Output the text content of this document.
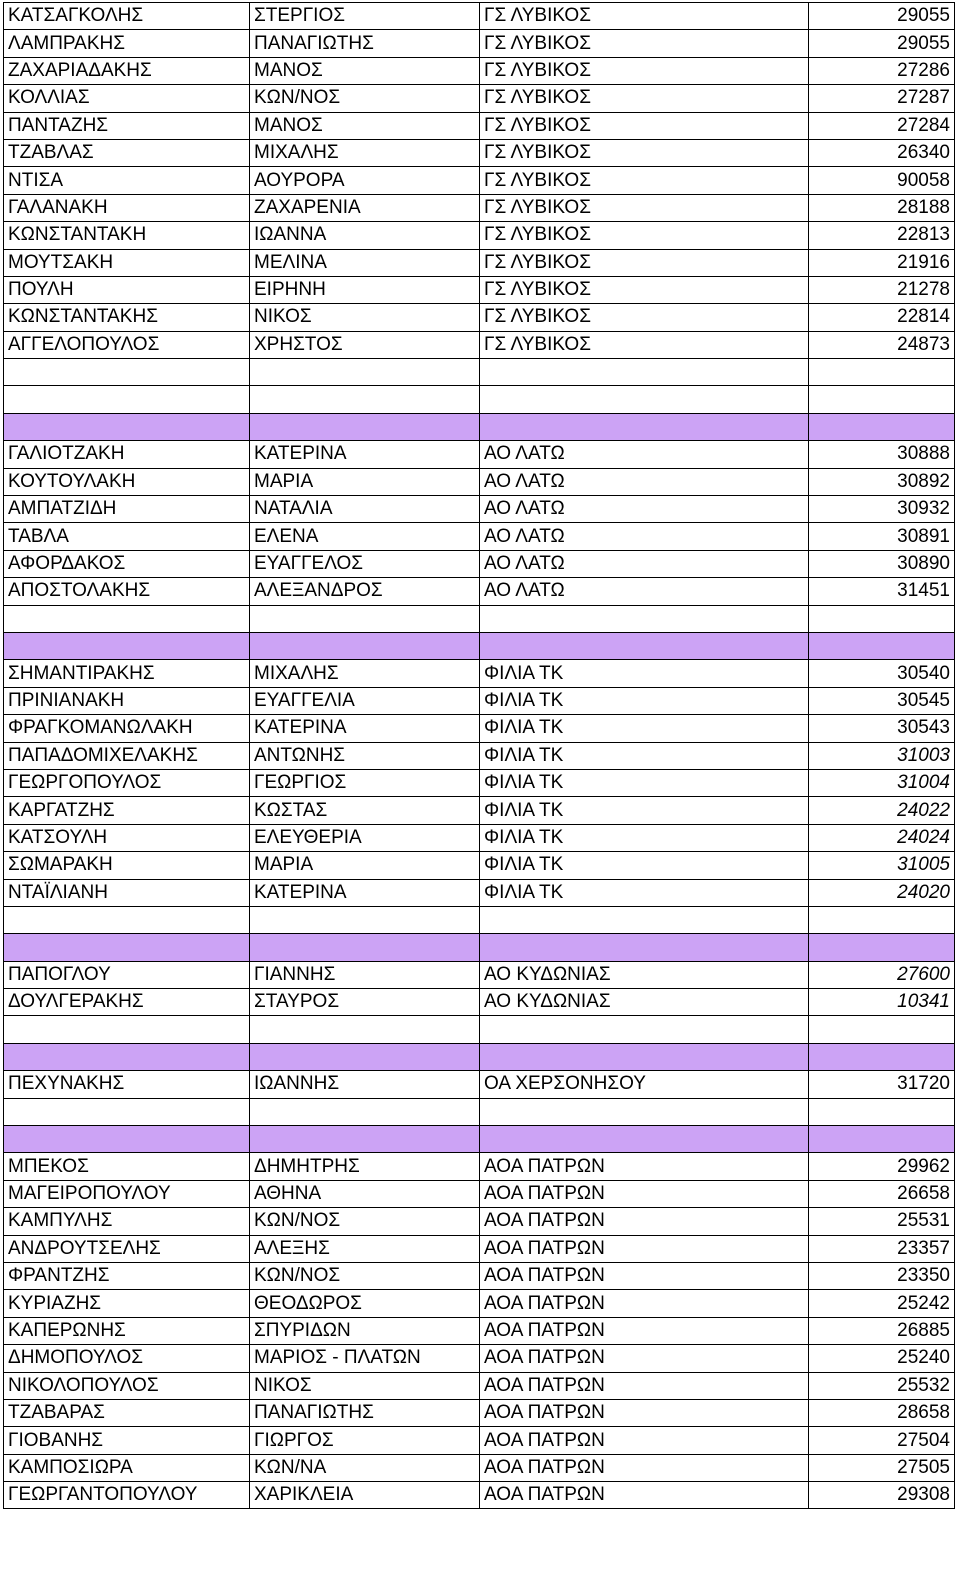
ΚΑΤΣΑΓΚΟΛΗΣ	ΣΤΕΡΓΙΟΣ	ΓΣ ΛΥΒΙΚΟΣ	29055
ΛΑΜΠΡΑΚΗΣ	ΠΑΝΑΓΙΩΤΗΣ	ΓΣ ΛΥΒΙΚΟΣ	29055
ΖΑΧΑΡΙΑΔΑΚΗΣ	ΜΑΝΟΣ	ΓΣ ΛΥΒΙΚΟΣ	27286
ΚΟΛΛΙΑΣ	ΚΩΝ/ΝΟΣ	ΓΣ ΛΥΒΙΚΟΣ	27287
ΠΑΝΤΑΖΗΣ	ΜΑΝΟΣ	ΓΣ ΛΥΒΙΚΟΣ	27284
ΤΖΑΒΛΑΣ	ΜΙΧΑΛΗΣ	ΓΣ ΛΥΒΙΚΟΣ	26340
ΝΤΙΣΑ	ΑΟΥΡΟΡΑ	ΓΣ ΛΥΒΙΚΟΣ	90058
ΓΑΛΑΝΑΚΗ	ΖΑΧΑΡΕΝΙΑ	ΓΣ ΛΥΒΙΚΟΣ	28188
ΚΩΝΣΤΑΝΤΑΚΗ	ΙΩΑΝΝΑ	ΓΣ ΛΥΒΙΚΟΣ	22813
ΜΟΥΤΣΑΚΗ	ΜΕΛΙΝΑ	ΓΣ ΛΥΒΙΚΟΣ	21916
ΠΟΥΛΗ	ΕΙΡΗΝΗ	ΓΣ ΛΥΒΙΚΟΣ	21278
ΚΩΝΣΤΑΝΤΑΚΗΣ	ΝΙΚΟΣ	ΓΣ ΛΥΒΙΚΟΣ	22814
ΑΓΓΕΛΟΠΟΥΛΟΣ	ΧΡΗΣΤΟΣ	ΓΣ ΛΥΒΙΚΟΣ	24873

ΓΑΛΙΟΤΖΑΚΗ	ΚΑΤΕΡΙΝΑ	ΑΟ ΛΑΤΩ	30888
ΚΟΥΤΟΥΛΑΚΗ	ΜΑΡΙΑ	ΑΟ ΛΑΤΩ	30892
ΑΜΠΑΤΖΙΔΗ	ΝΑΤΑΛΙΑ	ΑΟ ΛΑΤΩ	30932
ΤΑΒΛΑ	ΕΛΕΝΑ	ΑΟ ΛΑΤΩ	30891
ΑΦΟΡΔΑΚΟΣ	ΕΥΑΓΓΕΛΟΣ	ΑΟ ΛΑΤΩ	30890
ΑΠΟΣΤΟΛΑΚΗΣ	ΑΛΕΞΑΝΔΡΟΣ	ΑΟ ΛΑΤΩ	31451

ΣΗΜΑΝΤΙΡΑΚΗΣ	ΜΙΧΑΛΗΣ	ΦΙΛΙΑ ΤΚ	30540
ΠΡΙΝΙΑΝΑΚΗ	ΕΥΑΓΓΕΛΙΑ	ΦΙΛΙΑ ΤΚ	30545
ΦΡΑΓΚΟΜΑΝΩΛΑΚΗ	ΚΑΤΕΡΙΝΑ	ΦΙΛΙΑ ΤΚ	30543
ΠΑΠΑΔΟΜΙΧΕΛΑΚΗΣ	ΑΝΤΩΝΗΣ	ΦΙΛΙΑ ΤΚ	31003
ΓΕΩΡΓΟΠΟΥΛΟΣ	ΓΕΩΡΓΙΟΣ	ΦΙΛΙΑ ΤΚ	31004
ΚΑΡΓΑΤΖΗΣ	ΚΩΣΤΑΣ	ΦΙΛΙΑ ΤΚ	24022
ΚΑΤΣΟΥΛΗ	ΕΛΕΥΘΕΡΙΑ	ΦΙΛΙΑ ΤΚ	24024
ΣΩΜΑΡΑΚΗ	ΜΑΡΙΑ	ΦΙΛΙΑ ΤΚ	31005
ΝΤΑΪΛΙΑΝΗ	ΚΑΤΕΡΙΝΑ	ΦΙΛΙΑ ΤΚ	24020

ΠΑΠΟΓΛΟΥ	ΓΙΑΝΝΗΣ	ΑΟ ΚΥΔΩΝΙΑΣ	27600
ΔΟΥΛΓΕΡΑΚΗΣ	ΣΤΑΥΡΟΣ	ΑΟ ΚΥΔΩΝΙΑΣ	10341

ΠΕΧΥΝΑΚΗΣ	ΙΩΑΝΝΗΣ	ΟΑ ΧΕΡΣΟΝΗΣΟΥ	31720

ΜΠΕΚΟΣ	ΔΗΜΗΤΡΗΣ	ΑΟΑ ΠΑΤΡΩΝ	29962
ΜΑΓΕΙΡΟΠΟΥΛΟΥ	ΑΘΗΝΑ	ΑΟΑ ΠΑΤΡΩΝ	26658
ΚΑΜΠΥΛΗΣ	ΚΩΝ/ΝΟΣ	ΑΟΑ ΠΑΤΡΩΝ	25531
ΑΝΔΡΟΥΤΣΕΛΗΣ	ΑΛΕΞΗΣ	ΑΟΑ ΠΑΤΡΩΝ	23357
ΦΡΑΝΤΖΗΣ	ΚΩΝ/ΝΟΣ	ΑΟΑ ΠΑΤΡΩΝ	23350
ΚΥΡΙΑΖΗΣ	ΘΕΟΔΩΡΟΣ	ΑΟΑ ΠΑΤΡΩΝ	25242
ΚΑΠΕΡΩΝΗΣ	ΣΠΥΡΙΔΩΝ	ΑΟΑ ΠΑΤΡΩΝ	26885
ΔΗΜΟΠΟΥΛΟΣ	ΜΑΡΙΟΣ - ΠΛΑΤΩΝ	ΑΟΑ ΠΑΤΡΩΝ	25240
ΝΙΚΟΛΟΠΟΥΛΟΣ	ΝΙΚΟΣ	ΑΟΑ ΠΑΤΡΩΝ	25532
ΤΖΑΒΑΡΑΣ	ΠΑΝΑΓΙΩΤΗΣ	ΑΟΑ ΠΑΤΡΩΝ	28658
ΓΙΟΒΑΝΗΣ	ΓΙΩΡΓΟΣ	ΑΟΑ ΠΑΤΡΩΝ	27504
ΚΑΜΠΟΣΙΩΡΑ	ΚΩΝ/ΝΑ	ΑΟΑ ΠΑΤΡΩΝ	27505
ΓΕΩΡΓΑΝΤΟΠΟΥΛΟΥ	ΧΑΡΙΚΛΕΙΑ	ΑΟΑ ΠΑΤΡΩΝ	29308
